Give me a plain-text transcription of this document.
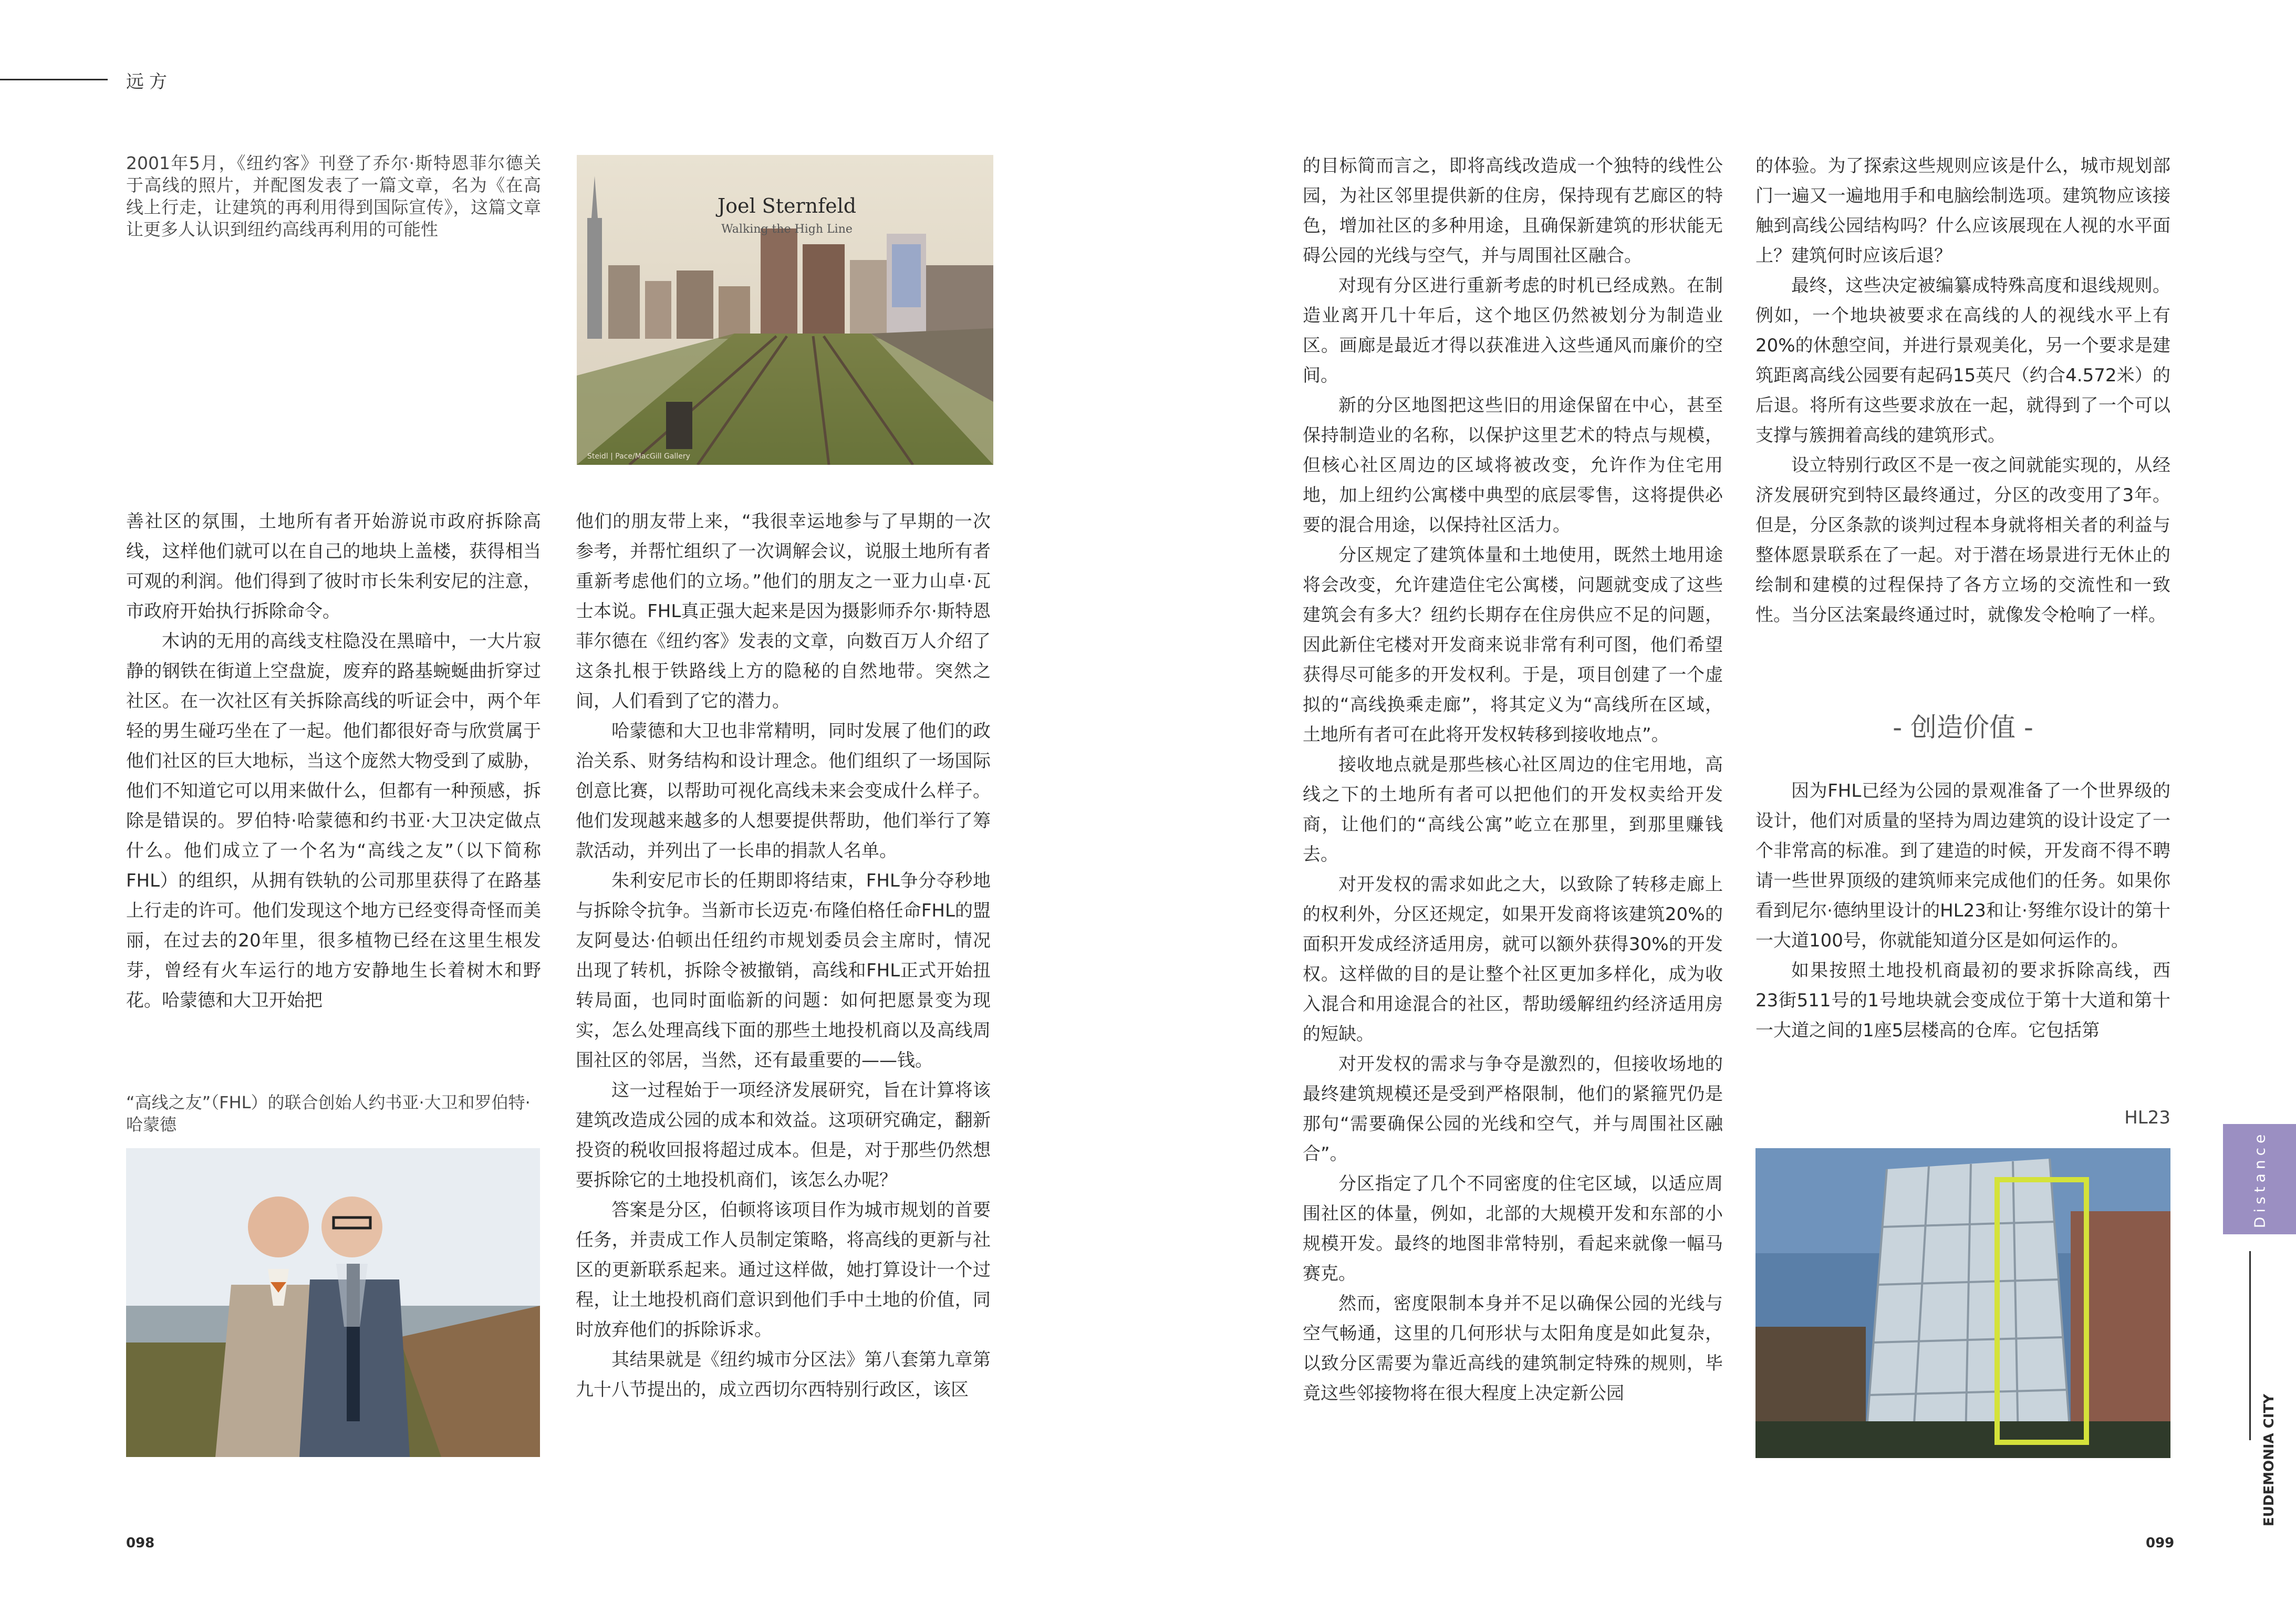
远方
2001年5月，《纽约客》刊登了乔尔·斯特恩菲尔德关于高线的照片，并配图发表了一篇文章，名为《在高线上行走，让建筑的再利用得到国际宣传》，这篇文章让更多人认识到纽约高线再利用的可能性
Joel Sternfeld
Walking the High Line
Steidl | Pace/MacGill Gallery
“高线之友”（FHL）的联合创始人约书亚·大卫和罗伯特·哈蒙德

善社区的氛围，土地所有者开始游说市政府拆除高线，这样他们就可以在自己的地块上盖楼，获得相当可观的利润。他们得到了彼时市长朱利安尼的注意，市政府开始执行拆除命令。

木讷的无用的高线支柱隐没在黑暗中，一大片寂静的钢铁在街道上空盘旋，废弃的路基蜿蜒曲折穿过社区。在一次社区有关拆除高线的听证会中，两个年轻的男生碰巧坐在了一起。他们都很好奇与欣赏属于他们社区的巨大地标，当这个庞然大物受到了威胁，他们不知道它可以用来做什么，但都有一种预感，拆除是错误的。罗伯特·哈蒙德和约书亚·大卫决定做点什么。他们成立了一个名为“高线之友”（以下简称FHL）的组织，从拥有铁轨的公司那里获得了在路基上行走的许可。他们发现这个地方已经变得奇怪而美丽，在过去的20年里，很多植物已经在这里生根发芽，曾经有火车运行的地方安静地生长着树木和野花。哈蒙德和大卫开始把

他们的朋友带上来，“我很幸运地参与了早期的一次参考，并帮忙组织了一次调解会议，说服土地所有者重新考虑他们的立场。”他们的朋友之一亚力山卓·瓦士本说。FHL真正强大起来是因为摄影师乔尔·斯特恩菲尔德在《纽约客》发表的文章，向数百万人介绍了这条扎根于铁路线上方的隐秘的自然地带。突然之间，人们看到了它的潜力。

哈蒙德和大卫也非常精明，同时发展了他们的政治关系、财务结构和设计理念。他们组织了一场国际创意比赛，以帮助可视化高线未来会变成什么样子。他们发现越来越多的人想要提供帮助，他们举行了筹款活动，并列出了一长串的捐款人名单。

朱利安尼市长的任期即将结束，FHL争分夺秒地与拆除令抗争。当新市长迈克·布隆伯格任命FHL的盟友阿曼达·伯顿出任纽约市规划委员会主席时，情况出现了转机，拆除令被撤销，高线和FHL正式开始扭转局面，也同时面临新的问题：如何把愿景变为现实，怎么处理高线下面的那些土地投机商以及高线周围社区的邻居，当然，还有最重要的——钱。

这一过程始于一项经济发展研究，旨在计算将该建筑改造成公园的成本和效益。这项研究确定，翻新投资的税收回报将超过成本。但是，对于那些仍然想要拆除它的土地投机商们，该怎么办呢？

答案是分区，伯顿将该项目作为城市规划的首要任务，并责成工作人员制定策略，将高线的更新与社区的更新联系起来。通过这样做，她打算设计一个过程，让土地投机商们意识到他们手中土地的价值，同时放弃他们的拆除诉求。

其结果就是《纽约城市分区法》第八套第九章第九十八节提出的，成立西切尔西特别行政区，该区

的目标简而言之，即将高线改造成一个独特的线性公园，为社区邻里提供新的住房，保持现有艺廊区的特色，增加社区的多种用途，且确保新建筑的形状能无碍公园的光线与空气，并与周围社区融合。

对现有分区进行重新考虑的时机已经成熟。在制造业离开几十年后，这个地区仍然被划分为制造业区。画廊是最近才得以获准进入这些通风而廉价的空间。

新的分区地图把这些旧的用途保留在中心，甚至保持制造业的名称，以保护这里艺术的特点与规模，但核心社区周边的区域将被改变，允许作为住宅用地，加上纽约公寓楼中典型的底层零售，这将提供必要的混合用途，以保持社区活力。

分区规定了建筑体量和土地使用，既然土地用途将会改变，允许建造住宅公寓楼，问题就变成了这些建筑会有多大？纽约长期存在住房供应不足的问题，因此新住宅楼对开发商来说非常有利可图，他们希望获得尽可能多的开发权利。于是，项目创建了一个虚拟的“高线换乘走廊”，将其定义为“高线所在区域，土地所有者可在此将开发权转移到接收地点”。

接收地点就是那些核心社区周边的住宅用地，高线之下的土地所有者可以把他们的开发权卖给开发商，让他们的“高线公寓”屹立在那里，到那里赚钱去。

对开发权的需求如此之大，以致除了转移走廊上的权利外，分区还规定，如果开发商将该建筑20%的面积开发成经济适用房，就可以额外获得30%的开发权。这样做的目的是让整个社区更加多样化，成为收入混合和用途混合的社区，帮助缓解纽约经济适用房的短缺。

对开发权的需求与争夺是激烈的，但接收场地的最终建筑规模还是受到严格限制，他们的紧箍咒仍是那句“需要确保公园的光线和空气，并与周围社区融合”。

分区指定了几个不同密度的住宅区域，以适应周围社区的体量，例如，北部的大规模开发和东部的小规模开发。最终的地图非常特别，看起来就像一幅马赛克。

然而，密度限制本身并不足以确保公园的光线与空气畅通，这里的几何形状与太阳角度是如此复杂，以致分区需要为靠近高线的建筑制定特殊的规则，毕竟这些邻接物将在很大程度上决定新公园

的体验。为了探索这些规则应该是什么，城市规划部门一遍又一遍地用手和电脑绘制选项。建筑物应该接触到高线公园结构吗？什么应该展现在人视的水平面上？建筑何时应该后退？

最终，这些决定被编纂成特殊高度和退线规则。例如，一个地块被要求在高线的人的视线水平上有20%的休憩空间，并进行景观美化，另一个要求是建筑距离高线公园要有起码15英尺（约合4.572米）的后退。将所有这些要求放在一起，就得到了一个可以支撑与簇拥着高线的建筑形式。

设立特别行政区不是一夜之间就能实现的，从经济发展研究到特区最终通过，分区的改变用了3年。但是，分区条款的谈判过程本身就将相关者的利益与整体愿景联系在了一起。对于潜在场景进行无休止的绘制和建模的过程保持了各方立场的交流性和一致性。当分区法案最终通过时，就像发令枪响了一样。

- 创造价值 -

因为FHL已经为公园的景观准备了一个世界级的设计，他们对质量的坚持为周边建筑的设计设定了一个非常高的标准。到了建造的时候，开发商不得不聘请一些世界顶级的建筑师来完成他们的任务。如果你看到尼尔·德纳里设计的HL23和让·努维尔设计的第十一大道100号，你就能知道分区是如何运作的。

如果按照土地投机商最初的要求拆除高线，西23街511号的1号地块就会变成位于第十大道和第十一大道之间的1座5层楼高的仓库。它包括第

HL23
098	099
Distance
EUDEMONIA CITY
